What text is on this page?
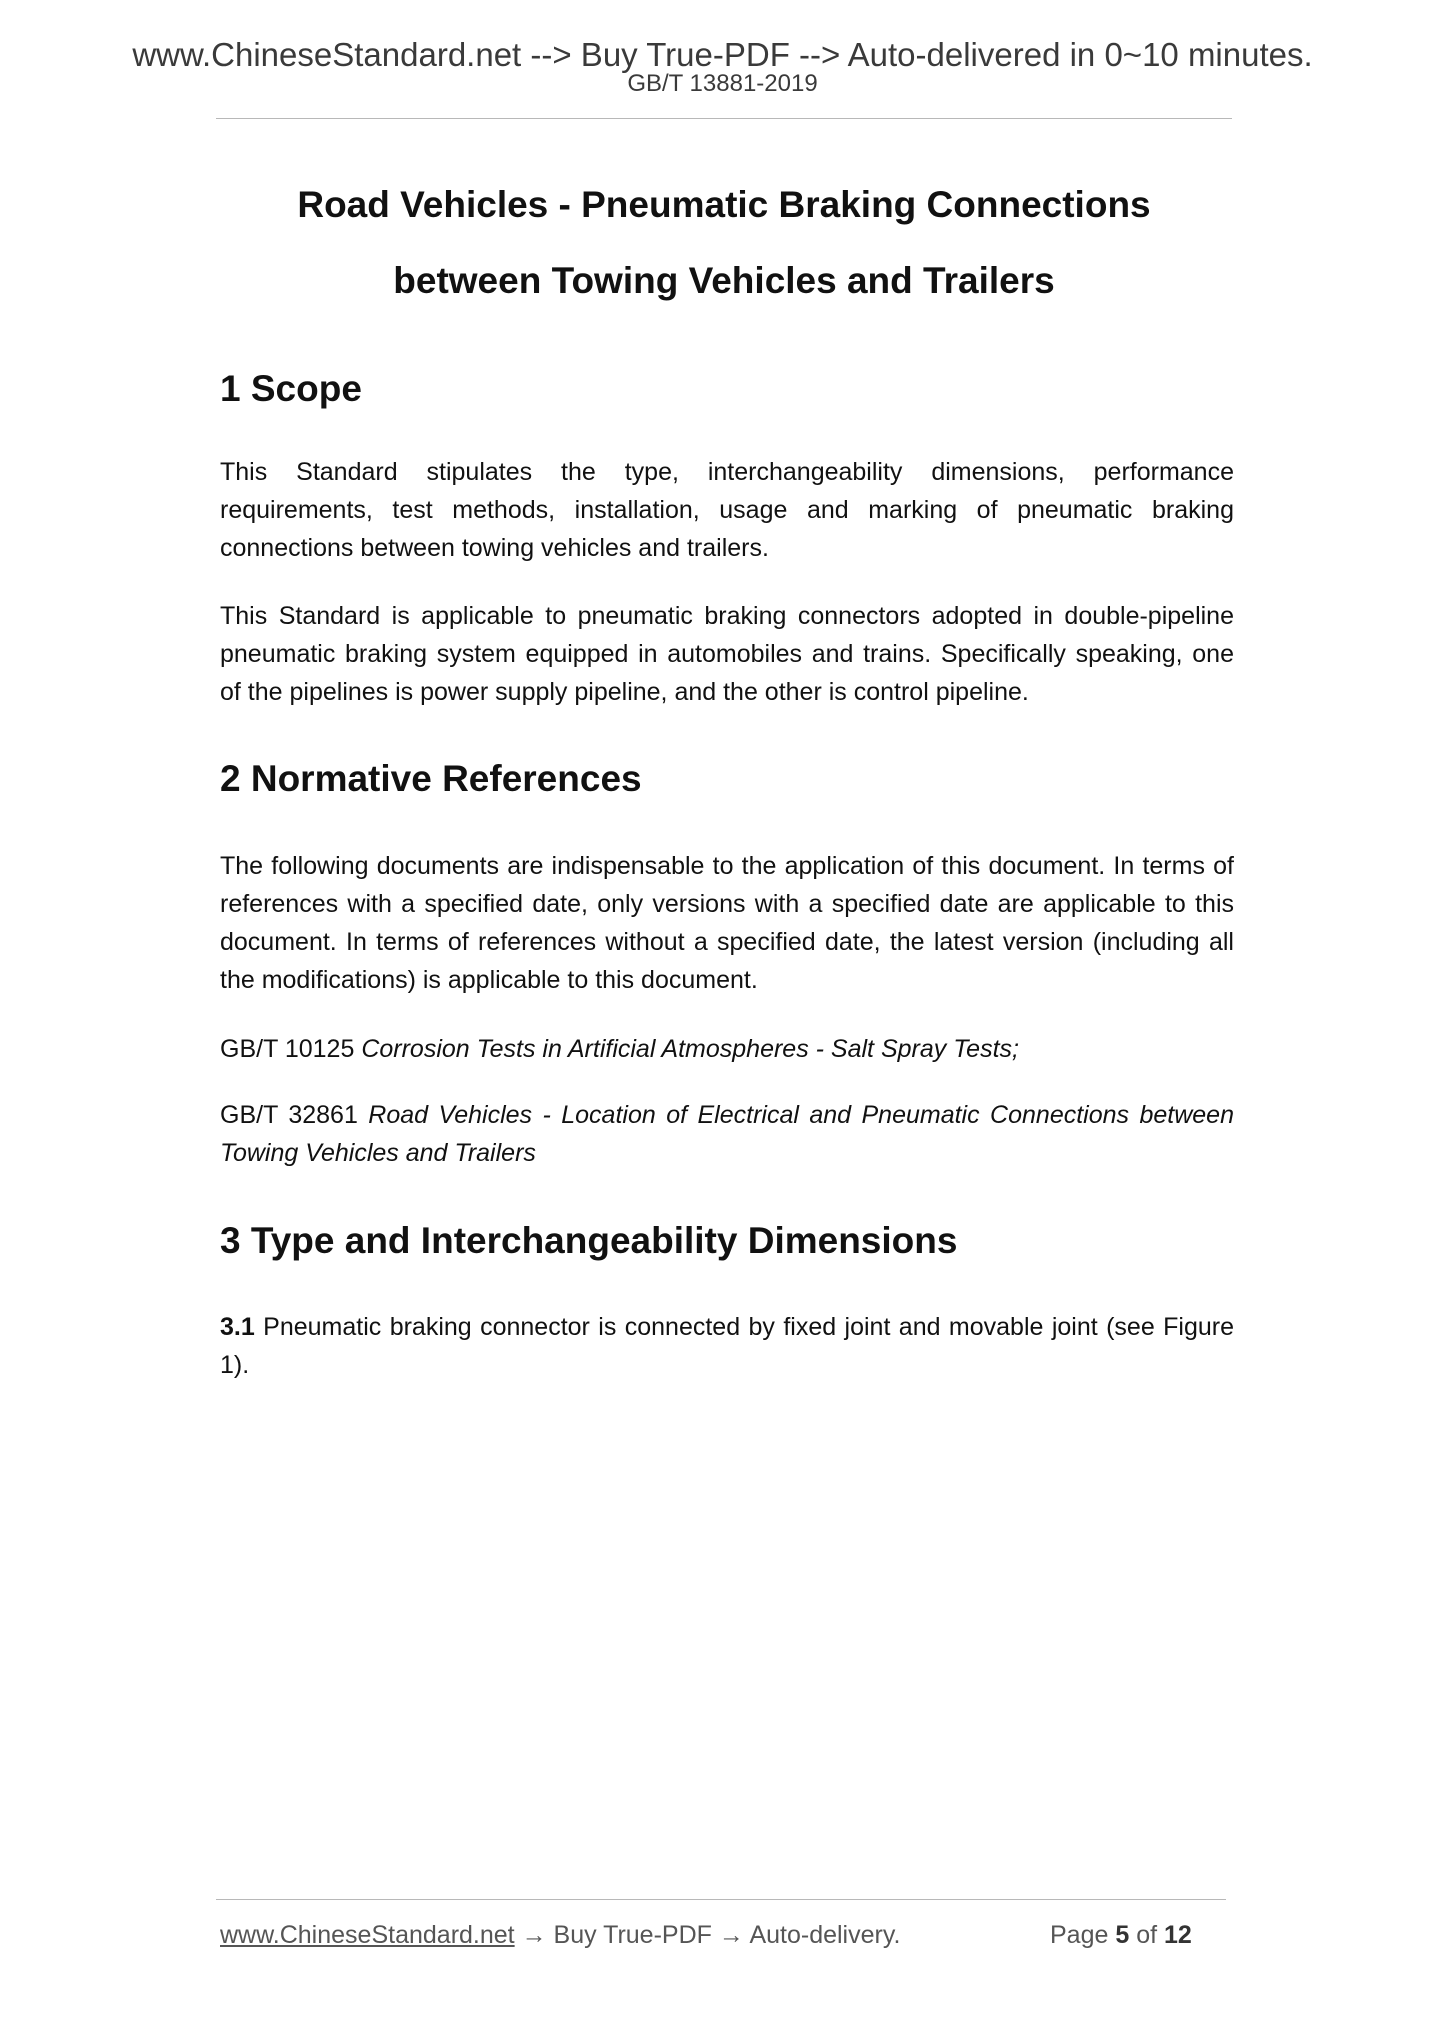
www.ChineseStandard.net --> Buy True-PDF --> Auto-delivered in 0~10 minutes.
GB/T 13881-2019
Road Vehicles - Pneumatic Braking Connections
between Towing Vehicles and Trailers
1 Scope

This Standard stipulates the type, interchangeability dimensions, performance requirements, test methods, installation, usage and marking of pneumatic braking connections between towing vehicles and trailers.

This Standard is applicable to pneumatic braking connectors adopted in double-pipeline pneumatic braking system equipped in automobiles and trains. Specifically speaking, one of the pipelines is power supply pipeline, and the other is control pipeline.

2 Normative References

The following documents are indispensable to the application of this document. In terms of references with a specified date, only versions with a specified date are applicable to this document. In terms of references without a specified date, the latest version (including all the modifications) is applicable to this document.

GB/T 10125 Corrosion Tests in Artificial Atmospheres - Salt Spray Tests;
GB/T 32861 Road Vehicles - Location of Electrical and Pneumatic Connections between Towing Vehicles and Trailers
3 Type and Interchangeability Dimensions

3.1 Pneumatic braking connector is connected by fixed joint and movable joint (see Figure 1).

www.ChineseStandard.net → Buy True-PDF → Auto-delivery.	Page 5 of 12
